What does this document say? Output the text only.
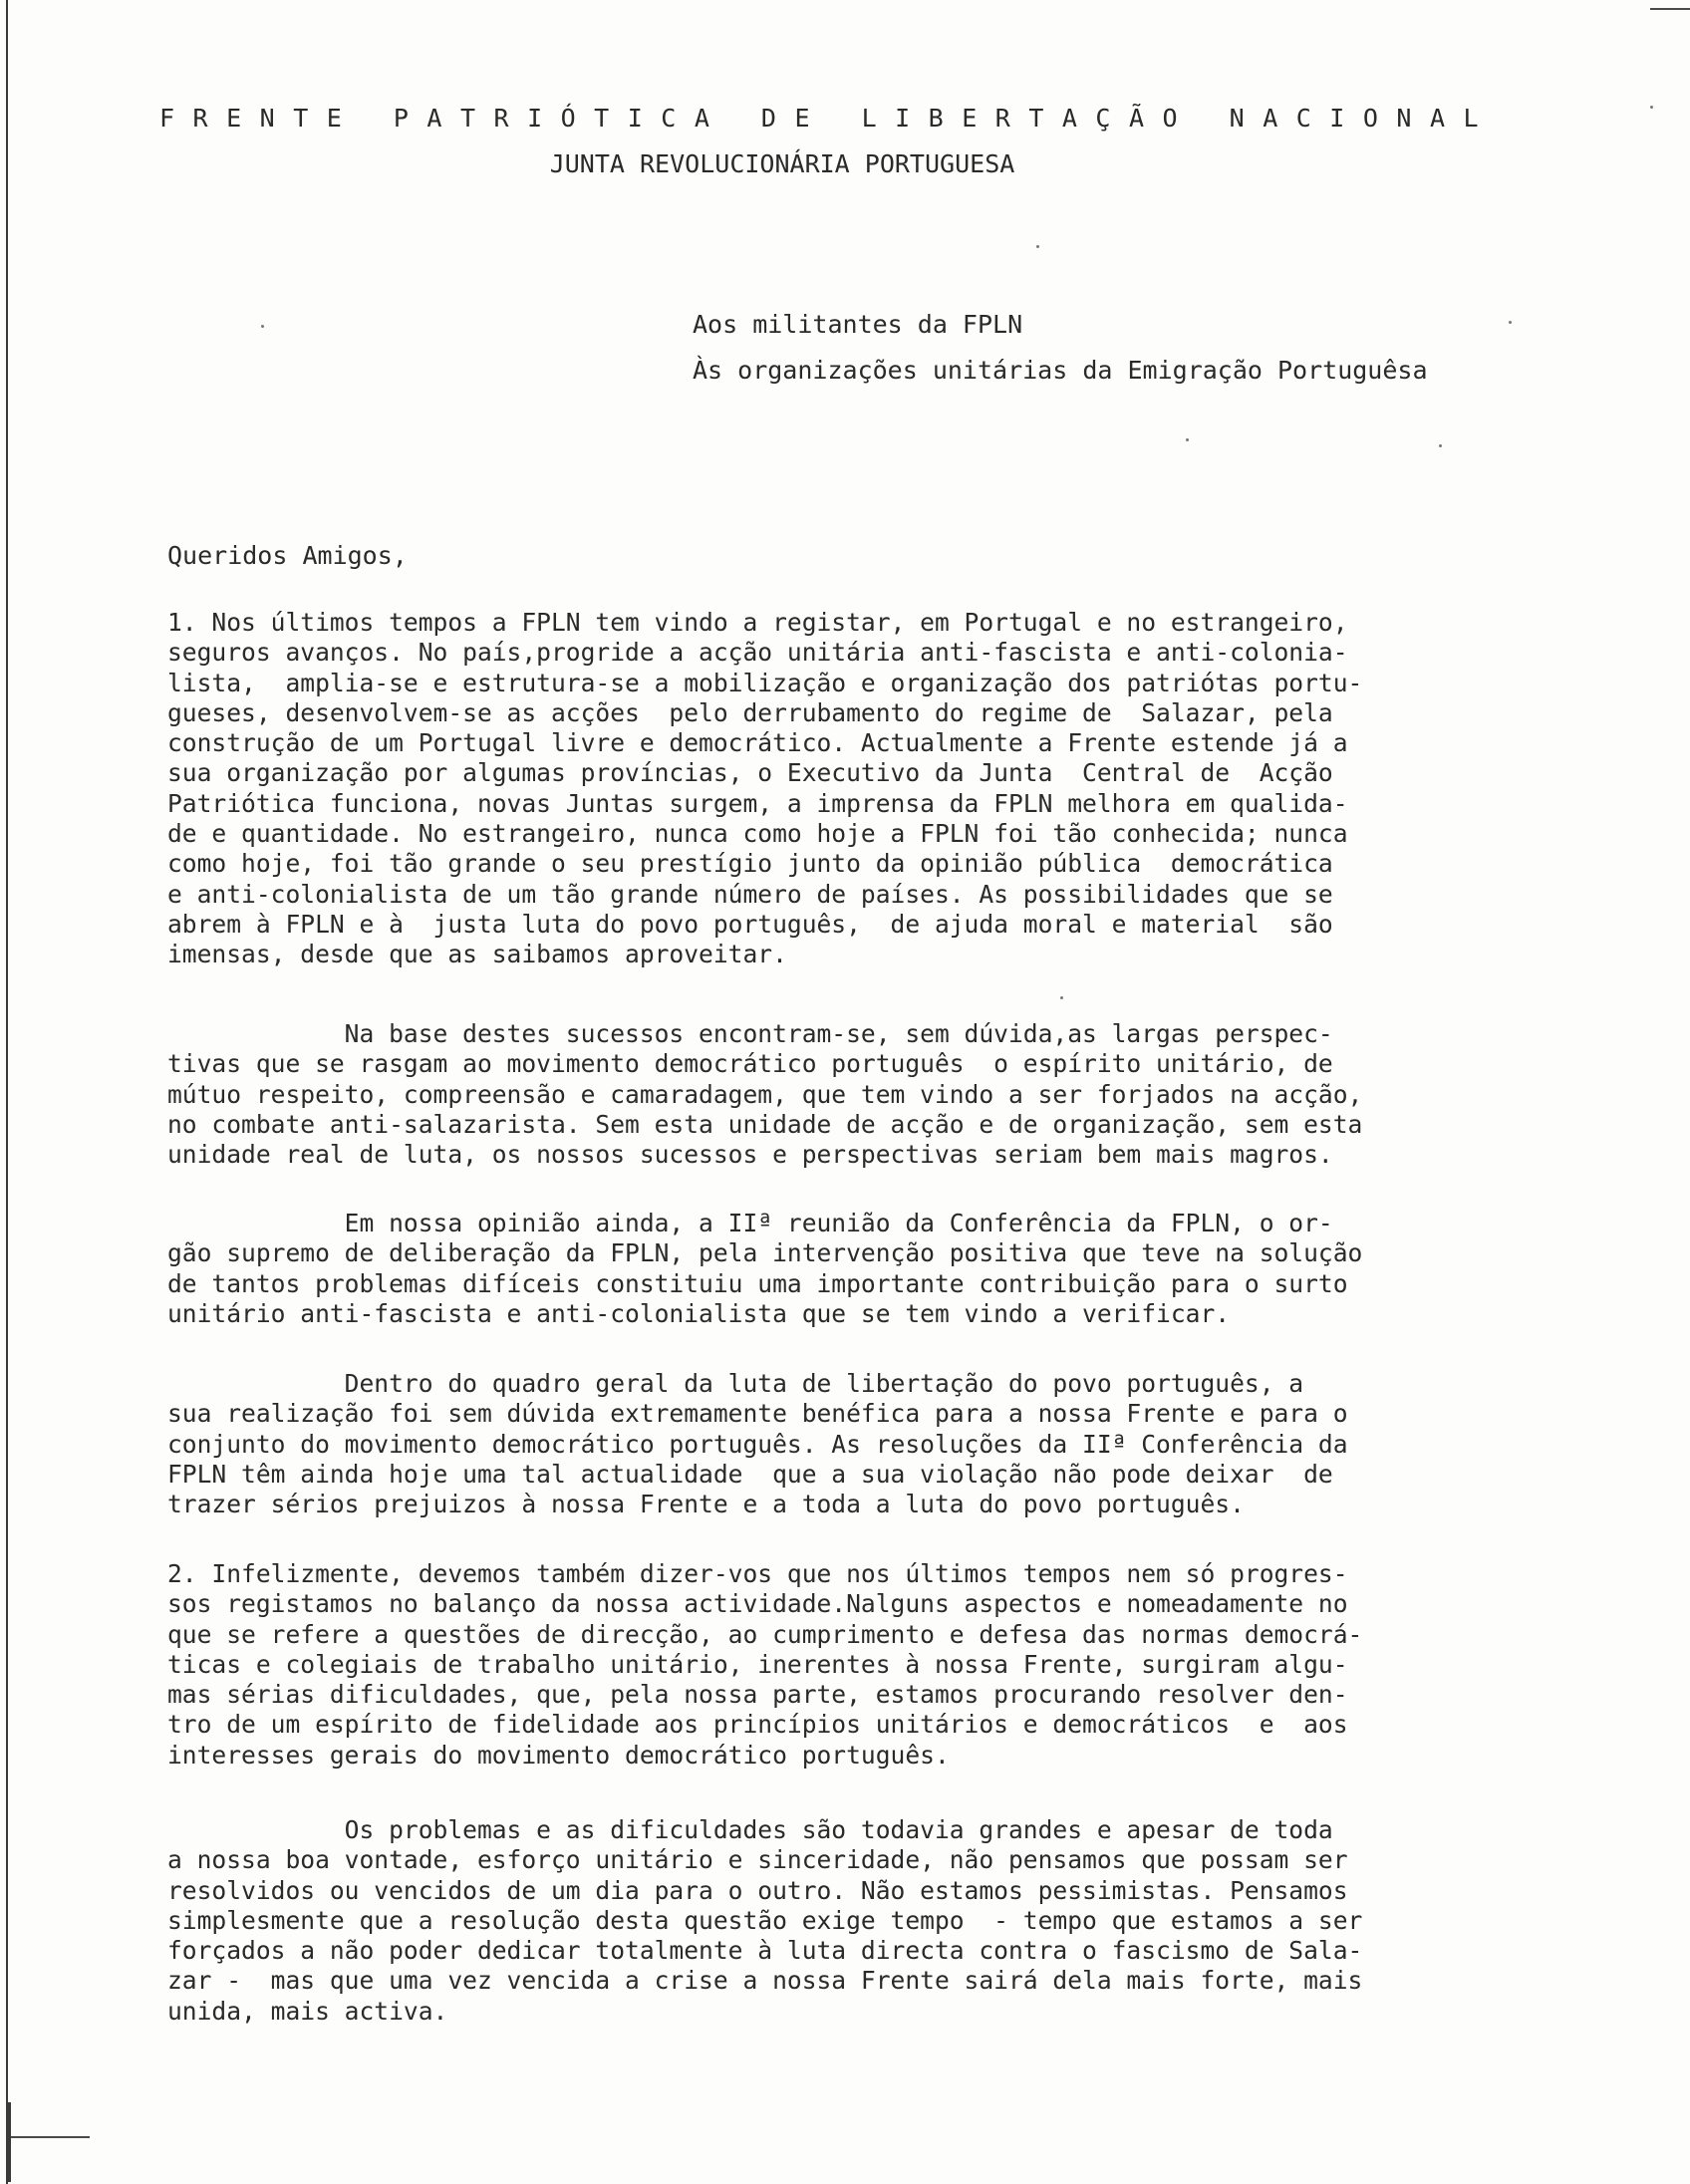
FRENTE PATRIÓTICA DE LIBERTAÇÃO NACIONAL
JUNTA REVOLUCIONÁRIA PORTUGUESA
Aos militantes da FPLN
Às organizações unitárias da Emigração Portuguêsa
Queridos Amigos,
1. Nos últimos tempos a FPLN tem vindo a registar, em Portugal e no estrangeiro,
seguros avanços. No país,progride a acção unitária anti-fascista e anti-colonia-
lista,  amplia-se e estrutura-se a mobilização e organização dos patriótas portu-
gueses, desenvolvem-se as acções  pelo derrubamento do regime de  Salazar, pela
construção de um Portugal livre e democrático. Actualmente a Frente estende já a
sua organização por algumas províncias, o Executivo da Junta  Central de  Acção
Patriótica funciona, novas Juntas surgem, a imprensa da FPLN melhora em qualida-
de e quantidade. No estrangeiro, nunca como hoje a FPLN foi tão conhecida; nunca
como hoje, foi tão grande o seu prestígio junto da opinião pública  democrática
e anti-colonialista de um tão grande número de países. As possibilidades que se
abrem à FPLN e à  justa luta do povo português,  de ajuda moral e material  são
imensas, desde que as saibamos aproveitar.
Na base destes sucessos encontram-se, sem dúvida,as largas perspec-
tivas que se rasgam ao movimento democrático português  o espírito unitário, de
mútuo respeito, compreensão e camaradagem, que tem vindo a ser forjados na acção,
no combate anti-salazarista. Sem esta unidade de acção e de organização, sem esta
unidade real de luta, os nossos sucessos e perspectivas seriam bem mais magros.
Em nossa opinião ainda, a IIª reunião da Conferência da FPLN, o or-
gão supremo de deliberação da FPLN, pela intervenção positiva que teve na solução
de tantos problemas difíceis constituiu uma importante contribuição para o surto
unitário anti-fascista e anti-colonialista que se tem vindo a verificar.
Dentro do quadro geral da luta de libertação do povo português, a
sua realização foi sem dúvida extremamente benéfica para a nossa Frente e para o
conjunto do movimento democrático português. As resoluções da IIª Conferência da
FPLN têm ainda hoje uma tal actualidade  que a sua violação não pode deixar  de
trazer sérios prejuizos à nossa Frente e a toda a luta do povo português.
2. Infelizmente, devemos também dizer-vos que nos últimos tempos nem só progres-
sos registamos no balanço da nossa actividade.Nalguns aspectos e nomeadamente no
que se refere a questões de direcção, ao cumprimento e defesa das normas democrá-
ticas e colegiais de trabalho unitário, inerentes à nossa Frente, surgiram algu-
mas sérias dificuldades, que, pela nossa parte, estamos procurando resolver den-
tro de um espírito de fidelidade aos princípios unitários e democráticos  e  aos
interesses gerais do movimento democrático português.
Os problemas e as dificuldades são todavia grandes e apesar de toda
a nossa boa vontade, esforço unitário e sinceridade, não pensamos que possam ser
resolvidos ou vencidos de um dia para o outro. Não estamos pessimistas. Pensamos
simplesmente que a resolução desta questão exige tempo  - tempo que estamos a ser
forçados a não poder dedicar totalmente à luta directa contra o fascismo de Sala-
zar -  mas que uma vez vencida a crise a nossa Frente sairá dela mais forte, mais
unida, mais activa.
